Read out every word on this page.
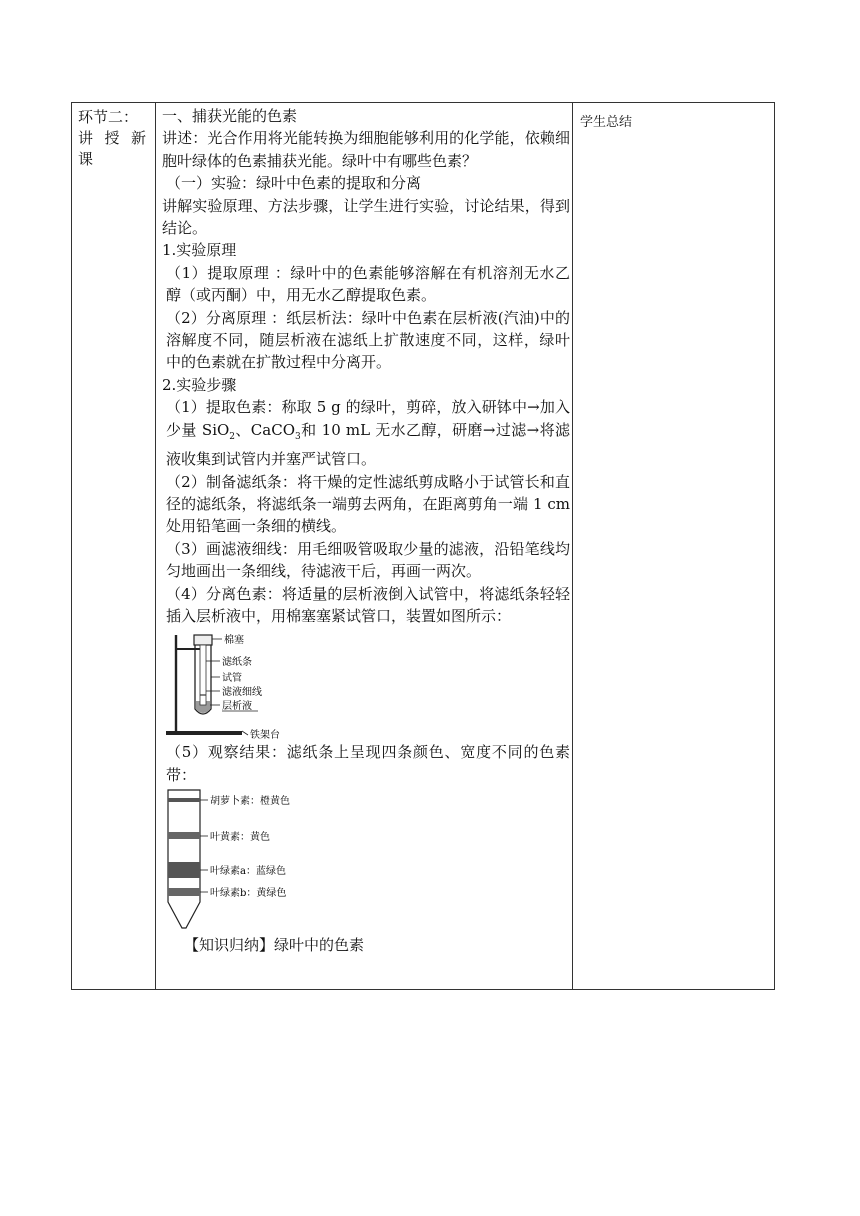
环节二：
讲 授 新
课

一、捕获光能的色素

讲述：光合作用将光能转换为细胞能够利用的化学能，依赖细胞叶绿体的色素捕获光能。绿叶中有哪些色素？

（一）实验：绿叶中色素的提取和分离

讲解实验原理、方法步骤，让学生进行实验，讨论结果，得到结论。

1.实验原理

（1）提取原理 ：绿叶中的色素能够溶解在有机溶剂无水乙醇（或丙酮）中，用无水乙醇提取色素。

（2）分离原理 ：纸层析法：绿叶中色素在层析液(汽油)中的溶解度不同，随层析液在滤纸上扩散速度不同，这样，绿叶中的色素就在扩散过程中分离开。

2.实验步骤

（1）提取色素：称取 5 g 的绿叶，剪碎，放入研钵中→加入少量 SiO$_2$、CaCO$_3$和 10 mL 无水乙醇，研磨→过滤→将滤液收集到试管内并塞严试管口。

（2）制备滤纸条：将干燥的定性滤纸剪成略小于试管长和直径的滤纸条，将滤纸条一端剪去两角，在距离剪角一端 1 cm 处用铅笔画一条细的横线。

（3）画滤液细线：用毛细吸管吸取少量的滤液，沿铅笔线均匀地画出一条细线，待滤液干后，再画一两次。

（4）分离色素：将适量的层析液倒入试管中，将滤纸条轻轻插入层析液中，用棉塞塞紧试管口，装置如图所示：

棉塞
滤纸条
试管
滤液细线
层析液
铁架台

（5）观察结果：滤纸条上呈现四条颜色、宽度不同的色素带：

胡萝卜素：橙黄色
叶黄素：黄色
叶绿素a：蓝绿色
叶绿素b：黄绿色

【知识归纳】绿叶中的色素

学生总结
